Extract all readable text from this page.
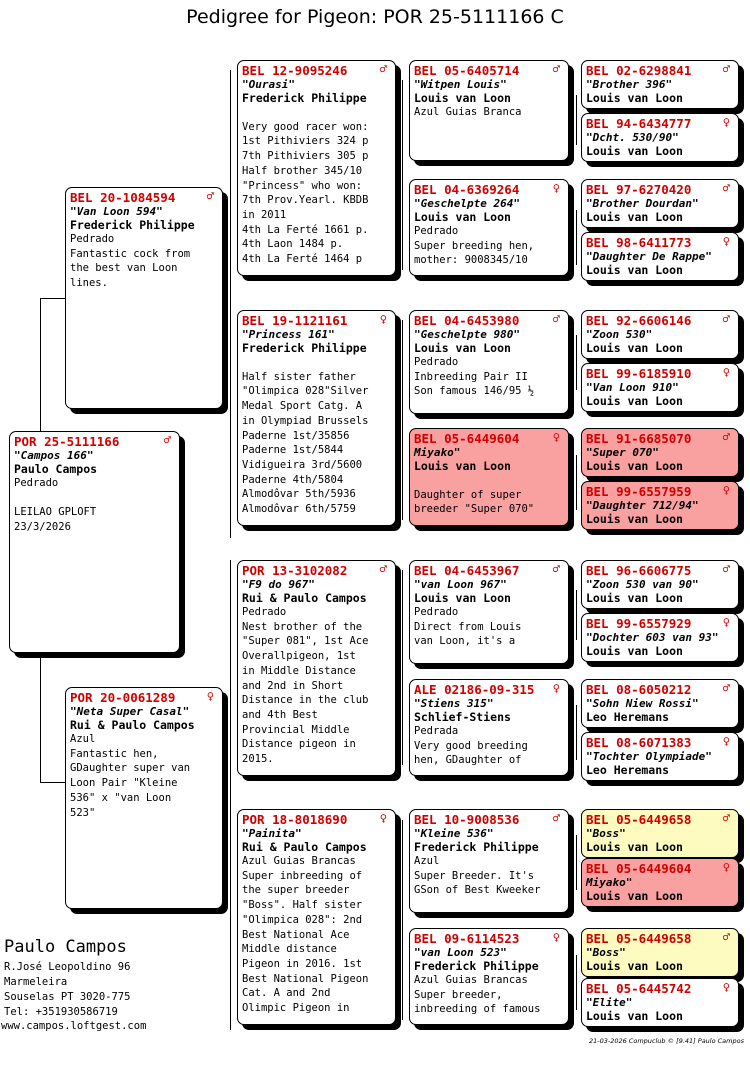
Pedigree for Pigeon: POR 25-5111166 C
POR 25-5111166	♂
"Campos 166"
Paulo Campos
Pedrado

LEILAO GPLOFT
23/3/2026
BEL 20-1084594	♂
"Van Loon 594"
Frederick Philippe
Pedrado
Fantastic cock from
the best van Loon
lines.
POR 20-0061289	♀
"Neta Super Casal"
Rui & Paulo Campos
Azul
Fantastic hen,
GDaughter super van
Loon Pair "Kleine
536" x "van Loon
523"
BEL 12-9095246	♂
"Ourasi"
Frederick Philippe

Very good racer won:
1st Pithiviers 324 p
7th Pithiviers 305 p
Half brother 345/10
"Princess" who won:
7th Prov.Yearl. KBDB
in 2011
4th La Ferté 1661 p.
4th Laon 1484 p.
4th La Ferté 1464 p
BEL 19-1121161	♀
"Princess 161"
Frederick Philippe

Half sister father
"Olimpica 028"Silver
Medal Sport Catg. A
in Olympiad Brussels
Paderne 1st/35856
Paderne 1st/5844
Vidigueira 3rd/5600
Paderne 4th/5804
Almodôvar 5th/5936
Almodôvar 6th/5759
POR 13-3102082	♂
"F9 do 967"
Rui & Paulo Campos
Pedrado
Nest brother of the
"Super 081", 1st Ace
Overallpigeon, 1st
in Middle Distance
and 2nd in Short
Distance in the club
and 4th Best
Provincial Middle
Distance pigeon in
2015.
POR 18-8018690	♀
"Painita"
Rui & Paulo Campos
Azul Guias Brancas
Super inbreeding of
the super breeder
"Boss". Half sister
"Olimpica 028": 2nd
Best National Ace
Middle distance
Pigeon in 2016. 1st
Best National Pigeon
Cat. A and 2nd
Olimpic Pigeon in
BEL 05-6405714	♂
"Witpen Louis"
Louis van Loon
Azul Guias Branca
BEL 04-6369264	♀
"Geschelpte 264"
Louis van Loon
Pedrado
Super breeding hen,
mother: 9008345/10
BEL 04-6453980	♂
"Geschelpte 980"
Louis van Loon
Pedrado
Inbreeding Pair II
Son famous 146/95 ½
BEL 05-6449604	♀
Miyako"
Louis van Loon

Daughter of super
breeder "Super 070"
BEL 04-6453967	♂
"van Loon 967"
Louis van Loon
Pedrado
Direct from Louis
van Loon, it's a
ALE 02186-09-315	♀
"Stiens 315"
Schlief-Stiens
Pedrada
Very good breeding
hen, GDaughter of
BEL 10-9008536	♂
"Kleine 536"
Frederick Philippe
Azul
Super Breeder. It's
GSon of Best Kweeker
BEL 09-6114523	♀
"van Loon 523"
Frederick Philippe
Azul Guias Brancas
Super breeder,
inbreeding of famous
BEL 02-6298841	♂
"Brother 396"
Louis van Loon
BEL 94-6434777	♀
"Dcht. 530/90"
Louis van Loon
BEL 97-6270420	♂
"Brother Dourdan"
Louis van Loon
BEL 98-6411773	♀
"Daughter De Rappe"
Louis van Loon
BEL 92-6606146	♂
"Zoon 530"
Louis van Loon
BEL 99-6185910	♀
"Van Loon 910"
Louis van Loon
BEL 91-6685070	♂
"Super 070"
Louis van Loon
BEL 99-6557959	♀
"Daughter 712/94"
Louis van Loon
BEL 96-6606775	♂
"Zoon 530 van 90"
Louis van Loon
BEL 99-6557929	♀
"Dochter 603 van 93"
Louis van Loon
BEL 08-6050212	♂
"Sohn Niew Rossi"
Leo Heremans
BEL 08-6071383	♀
"Tochter Olympiade"
Leo Heremans
BEL 05-6449658	♂
"Boss"
Louis van Loon
BEL 05-6449604	♀
Miyako"
Louis van Loon
BEL 05-6449658	♂
"Boss"
Louis van Loon
BEL 05-6445742	♀
"Elite"
Louis van Loon
Paulo Campos
R.José Leopoldino 96
Marmeleira
Souselas PT 3020-775
Tel: +351930586719
www.campos.loftgest.com
21-03-2026 Compuclub © [9.41] Paulo Campos
